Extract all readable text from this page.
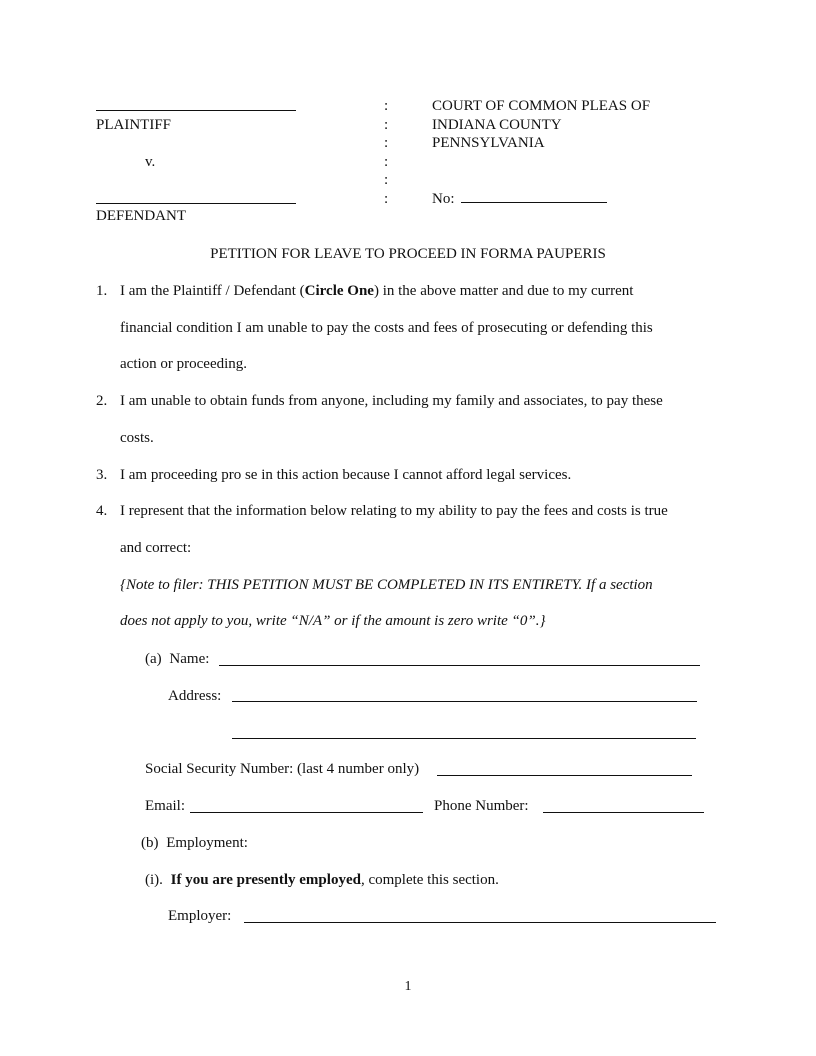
PLAINTIFF
v.
DEFENDANT
:
:
:
:
:
:
COURT OF COMMON PLEAS OF
INDIANA COUNTY
PENNSYLVANIA
No:
PETITION FOR LEAVE TO PROCEED IN FORMA PAUPERIS
1. I am the Plaintiff / Defendant (Circle One) in the above matter and due to my current
financial condition I am unable to pay the costs and fees of prosecuting or defending this
action or proceeding.
2. I am unable to obtain funds from anyone, including my family and associates, to pay these
costs.
3. I am proceeding pro se in this action because I cannot afford legal services.
4. I represent that the information below relating to my ability to pay the fees and costs is true
and correct:
{Note to filer: THIS PETITION MUST BE COMPLETED IN ITS ENTIRETY. If a section
does not apply to you, write “N/A” or if the amount is zero write “0”.}
(a) Name:
Address:
Social Security Number: (last 4 number only)
Email:	Phone Number:
(b) Employment:
(i). If you are presently employed, complete this section.
Employer:
1
